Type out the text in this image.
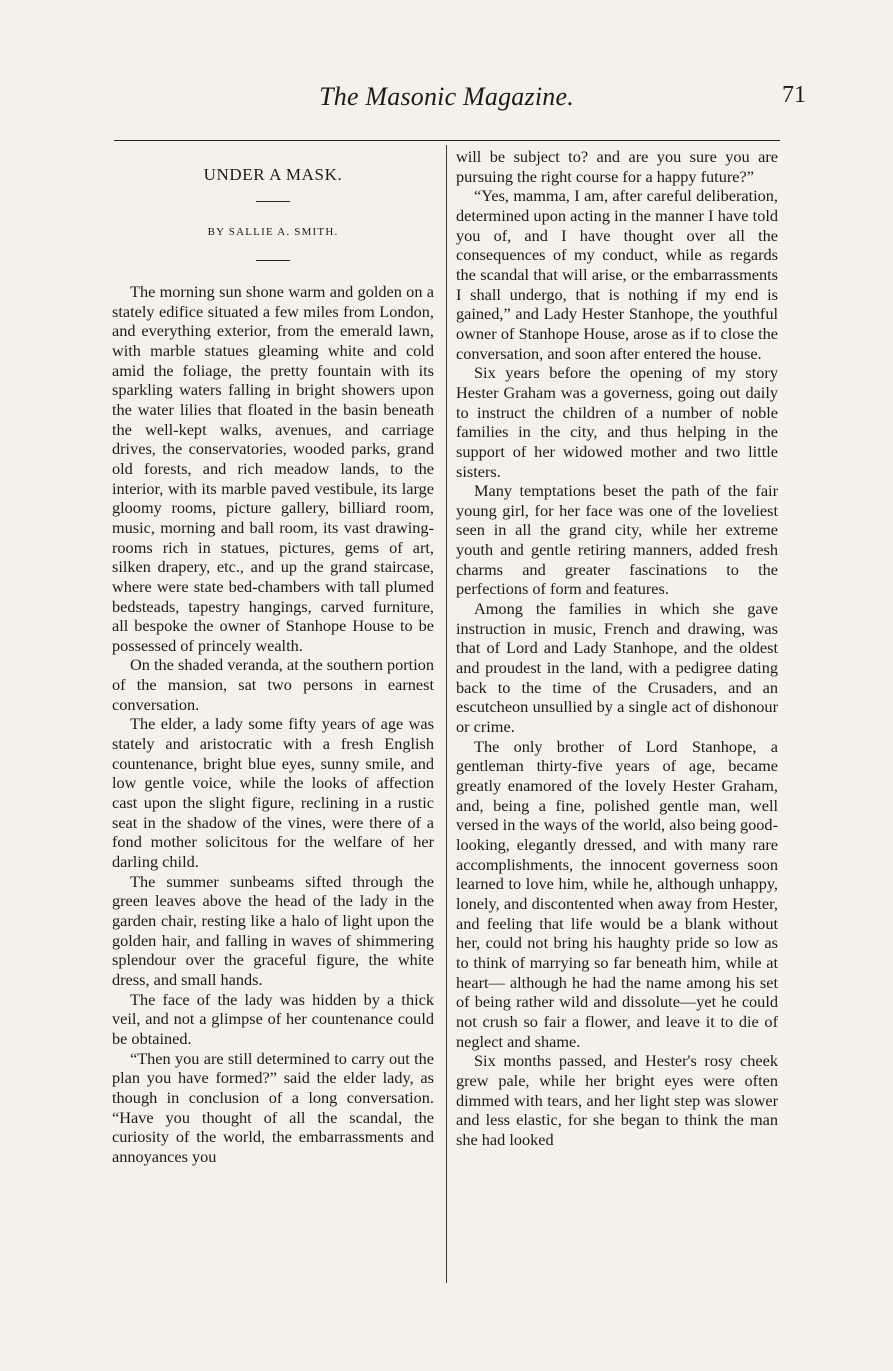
The Masonic Magazine.	71
UNDER A MASK.
BY SALLIE A. SMITH.

The morning sun shone warm and golden on a stately edifice situated a few miles from London, and everything exterior, from the emerald lawn, with marble statues gleaming white and cold amid the foliage, the pretty fountain with its sparkling waters falling in bright showers upon the water lilies that floated in the basin beneath the well-kept walks, avenues, and carriage drives, the conservatories, wooded parks, grand old forests, and rich meadow lands, to the interior, with its marble paved vestibule, its large gloomy rooms, picture gallery, billiard room, music, morning and ball room, its vast drawing-rooms rich in statues, pictures, gems of art, silken drapery, etc., and up the grand staircase, where were state bed-chambers with tall plumed bedsteads, tapestry hangings, carved furniture, all bespoke the owner of Stanhope House to be possessed of princely wealth.

On the shaded veranda, at the southern portion of the mansion, sat two persons in earnest conversation.

The elder, a lady some fifty years of age was stately and aristocratic with a fresh English countenance, bright blue eyes, sunny smile, and low gentle voice, while the looks of affection cast upon the slight figure, reclining in a rustic seat in the shadow of the vines, were there of a fond mother solicitous for the welfare of her darling child.

The summer sunbeams sifted through the green leaves above the head of the lady in the garden chair, resting like a halo of light upon the golden hair, and falling in waves of shimmering splendour over the graceful figure, the white dress, and small hands.

The face of the lady was hidden by a thick veil, and not a glimpse of her countenance could be obtained.

“Then you are still determined to carry out the plan you have formed?” said the elder lady, as though in conclusion of a long conversation. “Have you thought of all the scandal, the curiosity of the world, the embarrassments and annoyances you

will be subject to? and are you sure you are pursuing the right course for a happy future?”

“Yes, mamma, I am, after careful deliberation, determined upon acting in the manner I have told you of, and I have thought over all the consequences of my conduct, while as regards the scandal that will arise, or the embarrassments I shall undergo, that is nothing if my end is gained,” and Lady Hester Stanhope, the youthful owner of Stanhope House, arose as if to close the conversation, and soon after entered the house.

Six years before the opening of my story Hester Graham was a governess, going out daily to instruct the children of a number of noble families in the city, and thus helping in the support of her widowed mother and two little sisters.

Many temptations beset the path of the fair young girl, for her face was one of the loveliest seen in all the grand city, while her extreme youth and gentle retiring manners, added fresh charms and greater fascinations to the perfections of form and features.

Among the families in which she gave instruction in music, French and drawing, was that of Lord and Lady Stanhope, and the oldest and proudest in the land, with a pedigree dating back to the time of the Crusaders, and an escutcheon unsullied by a single act of dishonour or crime.

The only brother of Lord Stanhope, a gentleman thirty-five years of age, became greatly enamored of the lovely Hester Graham, and, being a fine, polished gentle man, well versed in the ways of the world, also being good-looking, elegantly dressed, and with many rare accomplishments, the innocent governess soon learned to love him, while he, although unhappy, lonely, and discontented when away from Hester, and feeling that life would be a blank without her, could not bring his haughty pride so low as to think of marrying so far beneath him, while at heart— although he had the name among his set of being rather wild and dissolute—yet he could not crush so fair a flower, and leave it to die of neglect and shame.

Six months passed, and Hester's rosy cheek grew pale, while her bright eyes were often dimmed with tears, and her light step was slower and less elastic, for she began to think the man she had looked
